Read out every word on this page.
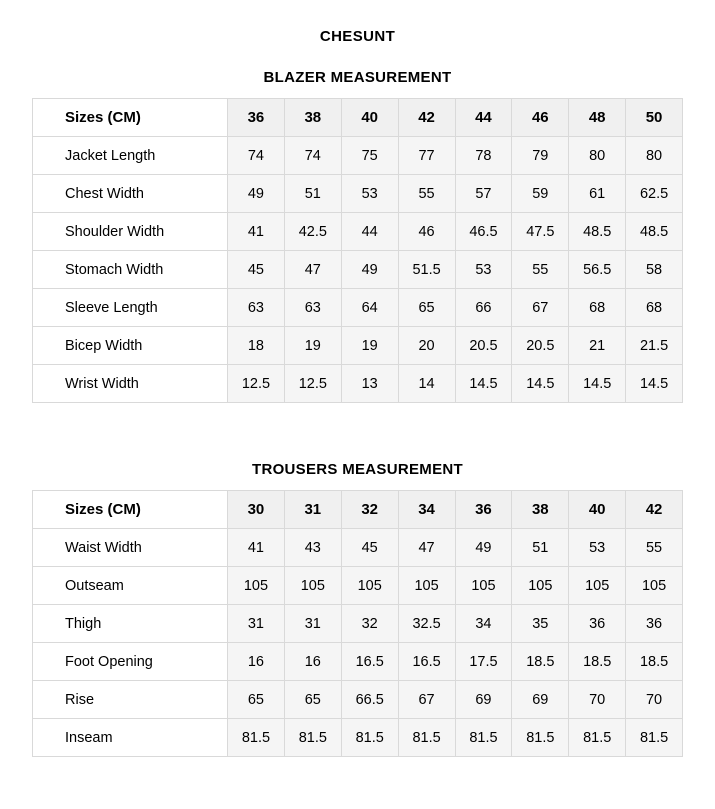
CHESUNT
BLAZER MEASUREMENT
Sizes (CM)	36	38	40	42	44	46	48	50
Jacket Length	74	74	75	77	78	79	80	80
Chest Width	49	51	53	55	57	59	61	62.5
Shoulder Width	41	42.5	44	46	46.5	47.5	48.5	48.5
Stomach Width	45	47	49	51.5	53	55	56.5	58
Sleeve Length	63	63	64	65	66	67	68	68
Bicep Width	18	19	19	20	20.5	20.5	21	21.5
Wrist Width	12.5	12.5	13	14	14.5	14.5	14.5	14.5
TROUSERS MEASUREMENT
Sizes (CM)	30	31	32	34	36	38	40	42
Waist Width	41	43	45	47	49	51	53	55
Outseam	105	105	105	105	105	105	105	105
Thigh	31	31	32	32.5	34	35	36	36
Foot Opening	16	16	16.5	16.5	17.5	18.5	18.5	18.5
Rise	65	65	66.5	67	69	69	70	70
Inseam	81.5	81.5	81.5	81.5	81.5	81.5	81.5	81.5
